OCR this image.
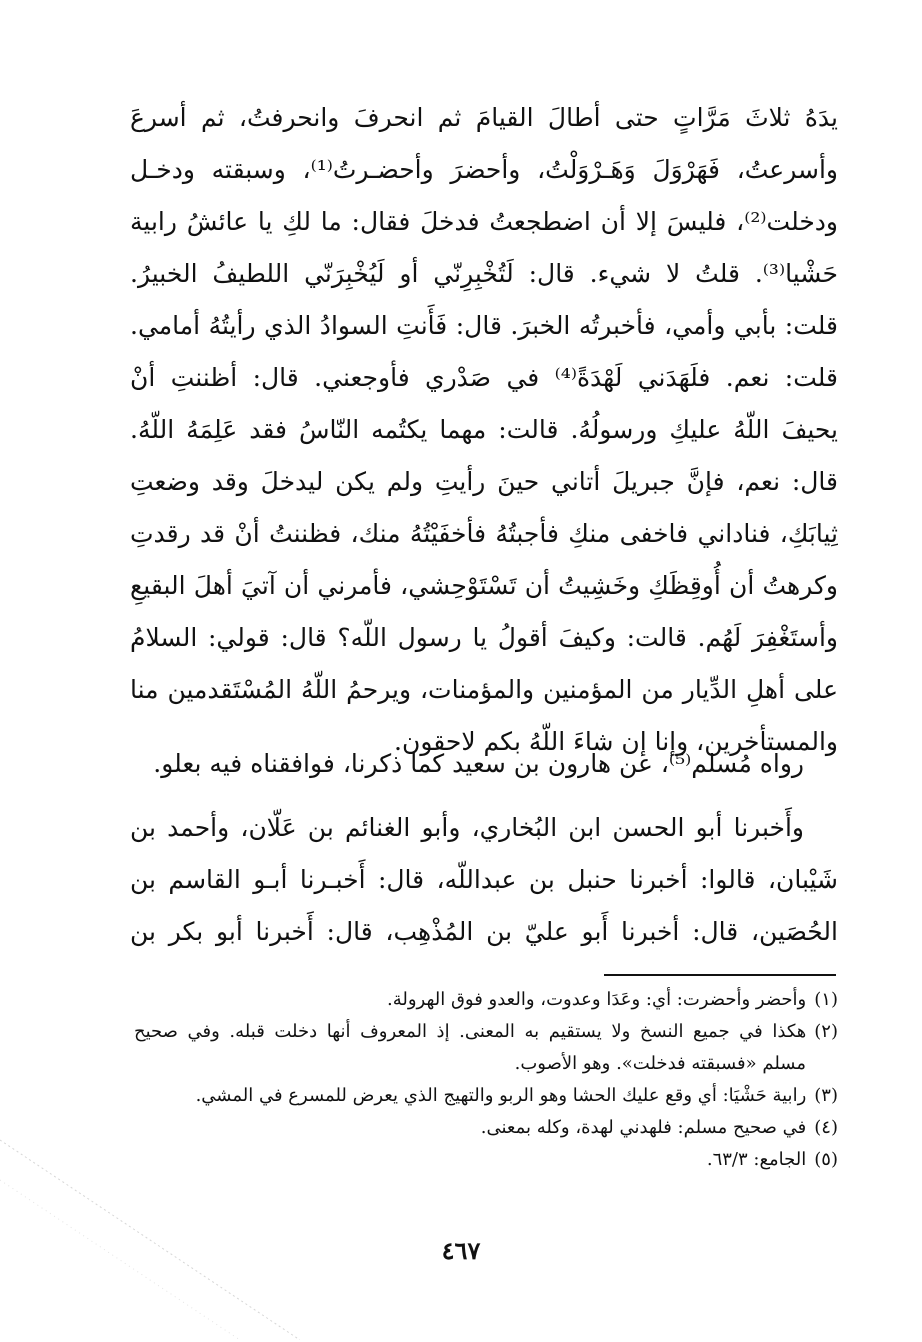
يدَهُ ثلاثَ مَرَّاتٍ حتى أطالَ القيامَ ثم انحرفَ وانحرفتُ، ثم أسرعَ
وأسرعتُ، فَهَرْوَلَ وَهَـرْوَلْتُ، وأحضرَ وأحضـرتُ⁽¹⁾، وسبقته ودخـل
ودخلت⁽²⁾، فليسَ إلا أن اضطجعتُ فدخلَ فقال: ما لكِ يا عائشُ رابية
حَشْيا⁽³⁾. قلتُ لا شيء. قال: لَتُخْبِرِنّي أو لَيُخْبِرَنّي اللطيفُ الخبيرُ.
قلت: بأبي وأمي، فأخبرتُه الخبرَ. قال: فَأَنتِ السوادُ الذي رأيتُهُ أمامي.
قلت: نعم. فلَهَدَني لَهْدَةً⁽⁴⁾ في صَدْري فأوجعني. قال: أظننتِ أنْ
يحيفَ اللّهُ عليكِ ورسولُهُ. قالت: مهما يكتُمه النّاسُ فقد عَلِمَهُ اللّهُ.
قال: نعم، فإنَّ جبريلَ أتاني حينَ رأيتِ ولم يكن ليدخلَ وقد وضعتِ
ثِيابَكِ، فناداني فاخفى منكِ فأجبتُهُ فأخفَيْتُهُ منك، فظننتُ أنْ قد رقدتِ
وكرهتُ أن أُوقِظَكِ وخَشِيتُ أن تَسْتَوْحِشي، فأمرني أن آتيَ أهلَ البقيعِ
وأستَغْفِرَ لَهُم. قالت: وكيفَ أقولُ يا رسول اللّه؟ قال: قولي: السلامُ
على أهلِ الدِّيار من المؤمنين والمؤمنات، ويرحمُ اللّهُ المُسْتَقدمين منا
والمستأخرين، وإنا إن شاءَ اللّهُ بكم لاحقون.
رواه مُسلم⁽⁵⁾، عن هارون بن سعيد كما ذكرنا، فوافقناه فيه بعلو.
وأَخبرنا أبو الحسن ابن البُخاري، وأبو الغنائم بن عَلّان، وأحمد بن
شَيْبان، قالوا: أخبرنا حنبل بن عبداللّه، قال: أَخبـرنا أبـو القاسم بن
الحُصَين، قال: أخبرنا أَبو عليّ بن المُذْهِب، قال: أَخبرنا أبو بكر بن
(١)وأحضر وأحضرت: أي: وعَدَا وعدوت، والعدو فوق الهرولة.
(٢)هكذا في جميع النسخ ولا يستقيم به المعنى. إذ المعروف أنها دخلت قبله. وفي صحيح
مسلم «فسبقته فدخلت». وهو الأصوب.
(٣)رابية حَشْيَا: أي وقع عليك الحشا وهو الربو والتهيج الذي يعرض للمسرع في المشي.
(٤)في صحيح مسلم: فلهدني لهدة، وكله بمعنى.
(٥)الجامع: ٦٣/٣.
٤٦٧
